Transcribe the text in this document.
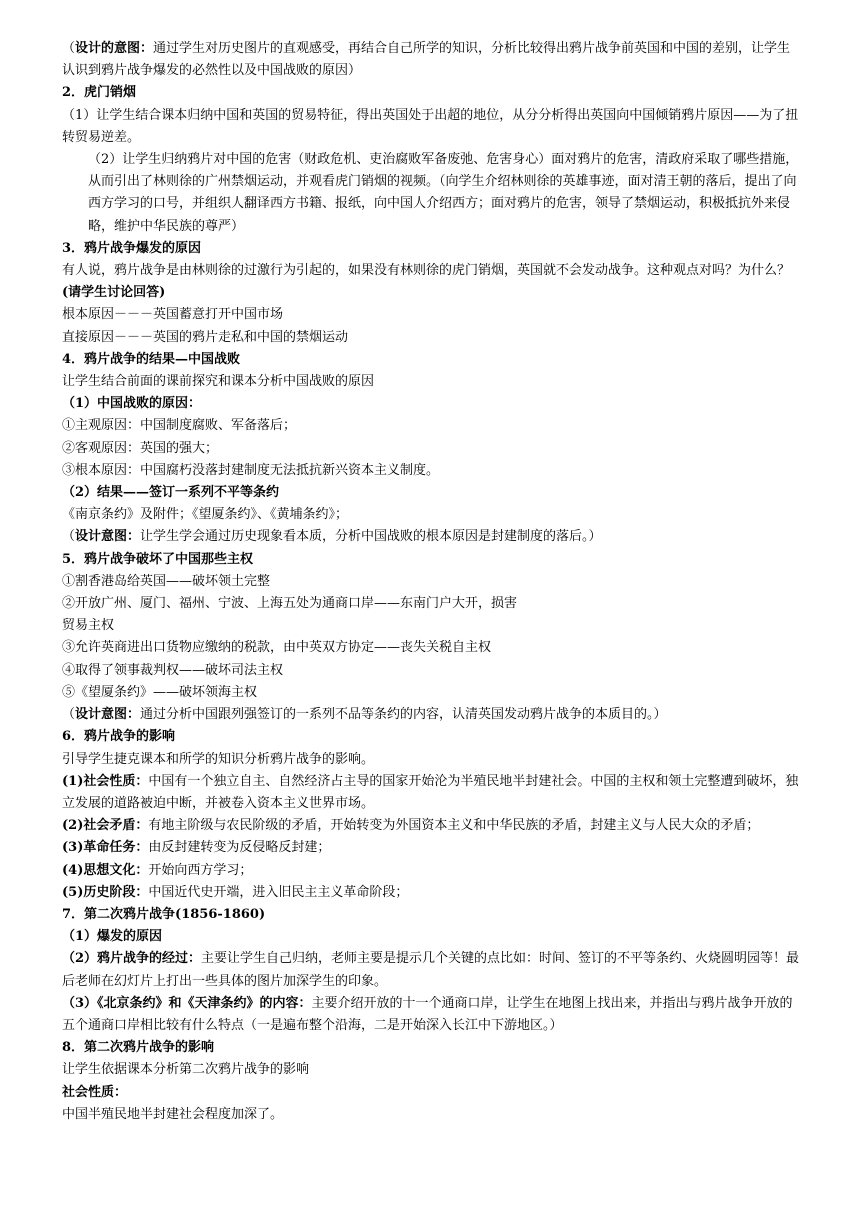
（设计的意图：通过学生对历史图片的直观感受，再结合自己所学的知识，分析比较得出鸦片战争前英国和中国的差别，让学生认识到鸦片战争爆发的必然性以及中国战败的原因）
2．虎门销烟
（1）让学生结合课本归纳中国和英国的贸易特征，得出英国处于出超的地位，从分分析得出英国向中国倾销鸦片原因——为了扭转贸易逆差。
（2）让学生归纳鸦片对中国的危害（财政危机、吏治腐败军备废弛、危害身心）面对鸦片的危害，清政府采取了哪些措施，从而引出了林则徐的广州禁烟运动，并观看虎门销烟的视频。（向学生介绍林则徐的英雄事迹，面对清王朝的落后，提出了向西方学习的口号，并组织人翻译西方书籍、报纸，向中国人介绍西方；面对鸦片的危害，领导了禁烟运动，积极抵抗外来侵略，维护中华民族的尊严）
3．鸦片战争爆发的原因
有人说，鸦片战争是由林则徐的过激行为引起的，如果没有林则徐的虎门销烟，英国就不会发动战争。这种观点对吗？为什么？(请学生讨论回答)
根本原因－－－英国蓄意打开中国市场
直接原因－－－英国的鸦片走私和中国的禁烟运动
4．鸦片战争的结果—中国战败
让学生结合前面的课前探究和课本分析中国战败的原因
（1）中国战败的原因：
①主观原因：中国制度腐败、军备落后；
②客观原因：英国的强大；
③根本原因：中国腐朽没落封建制度无法抵抗新兴资本主义制度。
（2）结果——签订一系列不平等条约
《南京条约》及附件；《望厦条约》、《黄埔条约》；
（设计意图：让学生学会通过历史现象看本质，分析中国战败的根本原因是封建制度的落后。）
5．鸦片战争破坏了中国那些主权
①割香港岛给英国——破坏领土完整
②开放广州、厦门、福州、宁波、上海五处为通商口岸——东南门户大开，损害
贸易主权
③允许英商进出口货物应缴纳的税款，由中英双方协定——丧失关税自主权
④取得了领事裁判权——破坏司法主权
⑤《望厦条约》——破坏领海主权
（设计意图：通过分析中国跟列强签订的一系列不品等条约的内容，认清英国发动鸦片战争的本质目的。）
6．鸦片战争的影响
引导学生捷克课本和所学的知识分析鸦片战争的影响。
(1)社会性质：中国有一个独立自主、自然经济占主导的国家开始沦为半殖民地半封建社会。中国的主权和领土完整遭到破坏，独立发展的道路被迫中断，并被卷入资本主义世界市场。
(2)社会矛盾：有地主阶级与农民阶级的矛盾，开始转变为外国资本主义和中华民族的矛盾，封建主义与人民大众的矛盾；
(3)革命任务：由反封建转变为反侵略反封建；
(4)思想文化：开始向西方学习；
(5)历史阶段：中国近代史开端，进入旧民主主义革命阶段；
7．第二次鸦片战争(1856-1860)
（1）爆发的原因
（2）鸦片战争的经过：主要让学生自己归纳，老师主要是提示几个关键的点比如：时间、签订的不平等条约、火烧圆明园等！最后老师在幻灯片上打出一些具体的图片加深学生的印象。
（3）《北京条约》和《天津条约》的内容：主要介绍开放的十一个通商口岸，让学生在地图上找出来，并指出与鸦片战争开放的五个通商口岸相比较有什么特点（一是遍布整个沿海，二是开始深入长江中下游地区。）
8．第二次鸦片战争的影响
让学生依据课本分析第二次鸦片战争的影响
社会性质：
中国半殖民地半封建社会程度加深了。
